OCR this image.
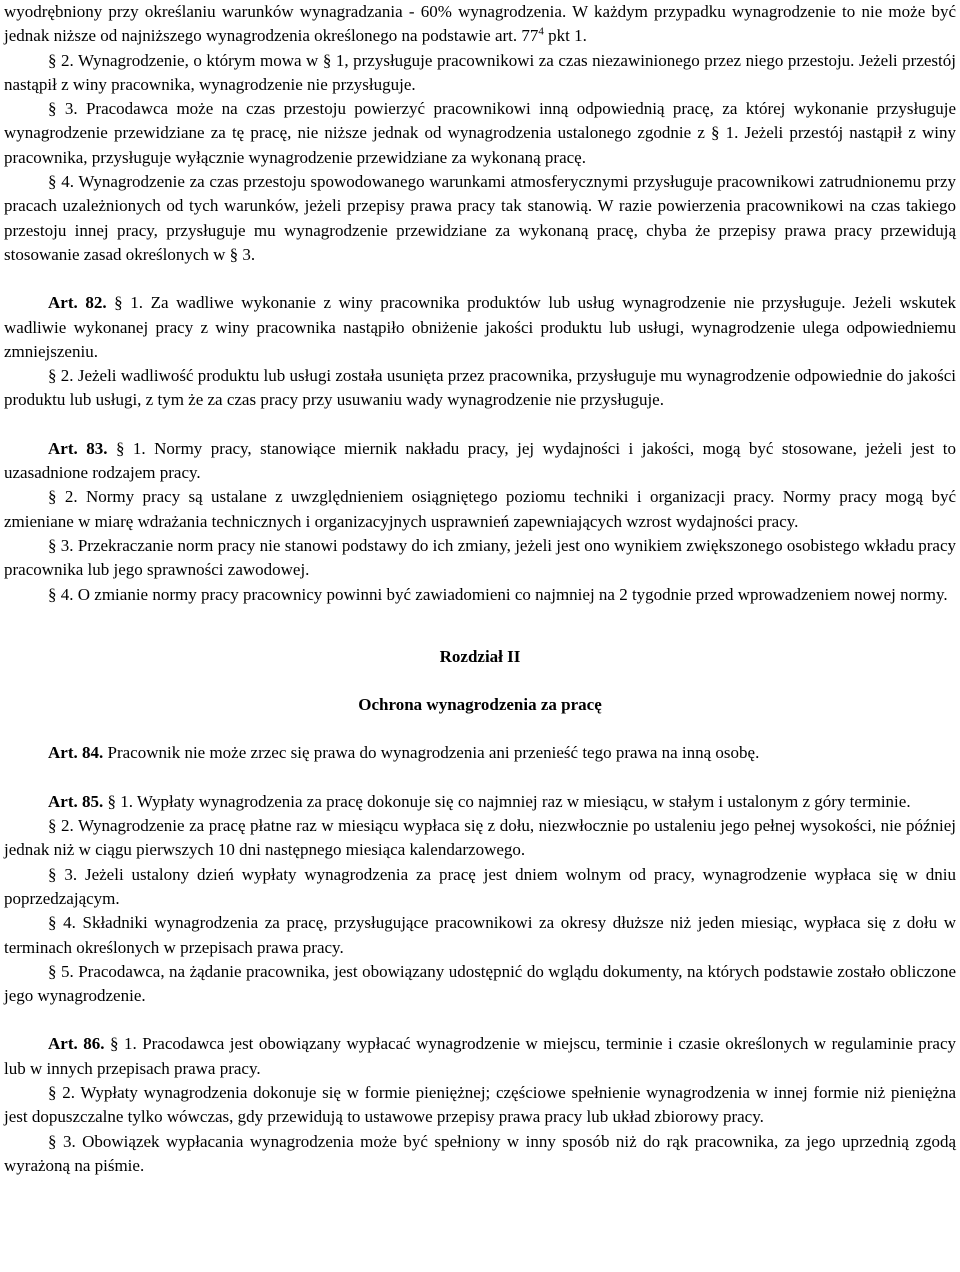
wyodrębniony przy określaniu warunków wynagradzania - 60% wynagrodzenia. W każdym przypadku wynagrodzenie to nie może być jednak niższe od najniższego wynagrodzenia określonego na podstawie art. $77^4$ pkt 1.

§ 2. Wynagrodzenie, o którym mowa w § 1, przysługuje pracownikowi za czas niezawinionego przez niego przestoju. Jeżeli przestój nastąpił z winy pracownika, wynagrodzenie nie przysługuje.

§ 3. Pracodawca może na czas przestoju powierzyć pracownikowi inną odpowiednią pracę, za której wykonanie przysługuje wynagrodzenie przewidziane za tę pracę, nie niższe jednak od wynagrodzenia ustalonego zgodnie z § 1. Jeżeli przestój nastąpił z winy pracownika, przysługuje wyłącznie wynagrodzenie przewidziane za wykonaną pracę.

§ 4. Wynagrodzenie za czas przestoju spowodowanego warunkami atmosferycznymi przysługuje pracownikowi zatrudnionemu przy pracach uzależnionych od tych warunków, jeżeli przepisy prawa pracy tak stanowią. W razie powierzenia pracownikowi na czas takiego przestoju innej pracy, przysługuje mu wynagrodzenie przewidziane za wykonaną pracę, chyba że przepisy prawa pracy przewidują stosowanie zasad określonych w § 3.

Art. 82. § 1. Za wadliwe wykonanie z winy pracownika produktów lub usług wynagrodzenie nie przysługuje. Jeżeli wskutek wadliwie wykonanej pracy z winy pracownika nastąpiło obniżenie jakości produktu lub usługi, wynagrodzenie ulega odpowiedniemu zmniejszeniu.

§ 2. Jeżeli wadliwość produktu lub usługi została usunięta przez pracownika, przysługuje mu wynagrodzenie odpowiednie do jakości produktu lub usługi, z tym że za czas pracy przy usuwaniu wady wynagrodzenie nie przysługuje.

Art. 83. § 1. Normy pracy, stanowiące miernik nakładu pracy, jej wydajności i jakości, mogą być stosowane, jeżeli jest to uzasadnione rodzajem pracy.

§ 2. Normy pracy są ustalane z uwzględnieniem osiągniętego poziomu techniki i organizacji pracy. Normy pracy mogą być zmieniane w miarę wdrażania technicznych i organizacyjnych usprawnień zapewniających wzrost wydajności pracy.

§ 3. Przekraczanie norm pracy nie stanowi podstawy do ich zmiany, jeżeli jest ono wynikiem zwiększonego osobistego wkładu pracy pracownika lub jego sprawności zawodowej.

§ 4. O zmianie normy pracy pracownicy powinni być zawiadomieni co najmniej na 2 tygodnie przed wprowadzeniem nowej normy.

Rozdział II

Ochrona wynagrodzenia za pracę

Art. 84. Pracownik nie może zrzec się prawa do wynagrodzenia ani przenieść tego prawa na inną osobę.

Art. 85. § 1. Wypłaty wynagrodzenia za pracę dokonuje się co najmniej raz w miesiącu, w stałym i ustalonym z góry terminie.

§ 2. Wynagrodzenie za pracę płatne raz w miesiącu wypłaca się z dołu, niezwłocznie po ustaleniu jego pełnej wysokości, nie później jednak niż w ciągu pierwszych 10 dni następnego miesiąca kalendarzowego.

§ 3. Jeżeli ustalony dzień wypłaty wynagrodzenia za pracę jest dniem wolnym od pracy, wynagrodzenie wypłaca się w dniu poprzedzającym.

§ 4. Składniki wynagrodzenia za pracę, przysługujące pracownikowi za okresy dłuższe niż jeden miesiąc, wypłaca się z dołu w terminach określonych w przepisach prawa pracy.

§ 5. Pracodawca, na żądanie pracownika, jest obowiązany udostępnić do wglądu dokumenty, na których podstawie zostało obliczone jego wynagrodzenie.

Art. 86. § 1. Pracodawca jest obowiązany wypłacać wynagrodzenie w miejscu, terminie i czasie określonych w regulaminie pracy lub w innych przepisach prawa pracy.

§ 2. Wypłaty wynagrodzenia dokonuje się w formie pieniężnej; częściowe spełnienie wynagrodzenia w innej formie niż pieniężna jest dopuszczalne tylko wówczas, gdy przewidują to ustawowe przepisy prawa pracy lub układ zbiorowy pracy.

§ 3. Obowiązek wypłacania wynagrodzenia może być spełniony w inny sposób niż do rąk pracownika, za jego uprzednią zgodą wyrażoną na piśmie.
